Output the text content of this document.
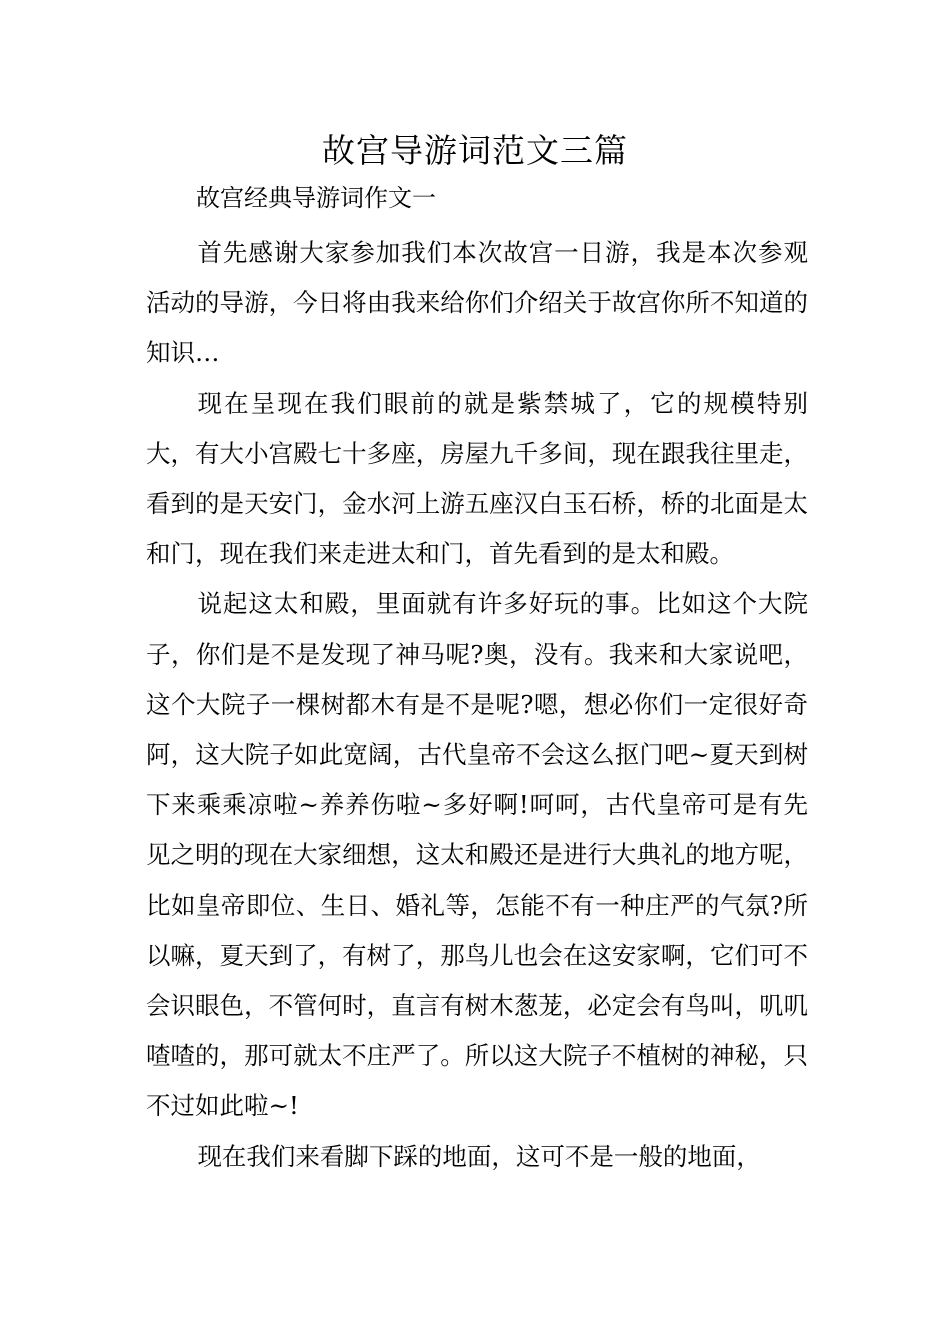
故宫导游词范文三篇
故宫经典导游词作文一

首先感谢大家参加我们本次故宫一日游，我是本次参观活动的导游，今日将由我来给你们介绍关于故宫你所不知道的知识…

现在呈现在我们眼前的就是紫禁城了，它的规模特别大，有大小宫殿七十多座，房屋九千多间，现在跟我往里走，看到的是天安门，金水河上游五座汉白玉石桥，桥的北面是太和门，现在我们来走进太和门，首先看到的是太和殿。

说起这太和殿，里面就有许多好玩的事。比如这个大院子，你们是不是发现了神马呢?奥，没有。我来和大家说吧，这个大院子一棵树都木有是不是呢?嗯，想必你们一定很好奇阿，这大院子如此宽阔，古代皇帝不会这么抠门吧~夏天到树下来乘乘凉啦~养养伤啦~多好啊!呵呵，古代皇帝可是有先见之明的现在大家细想，这太和殿还是进行大典礼的地方呢，比如皇帝即位、生日、婚礼等，怎能不有一种庄严的气氛?所以嘛，夏天到了，有树了，那鸟儿也会在这安家啊，它们可不会识眼色，不管何时，直言有树木葱茏，必定会有鸟叫，叽叽喳喳的，那可就太不庄严了。所以这大院子不植树的神秘，只不过如此啦~!

现在我们来看脚下踩的地面，这可不是一般的地面，
